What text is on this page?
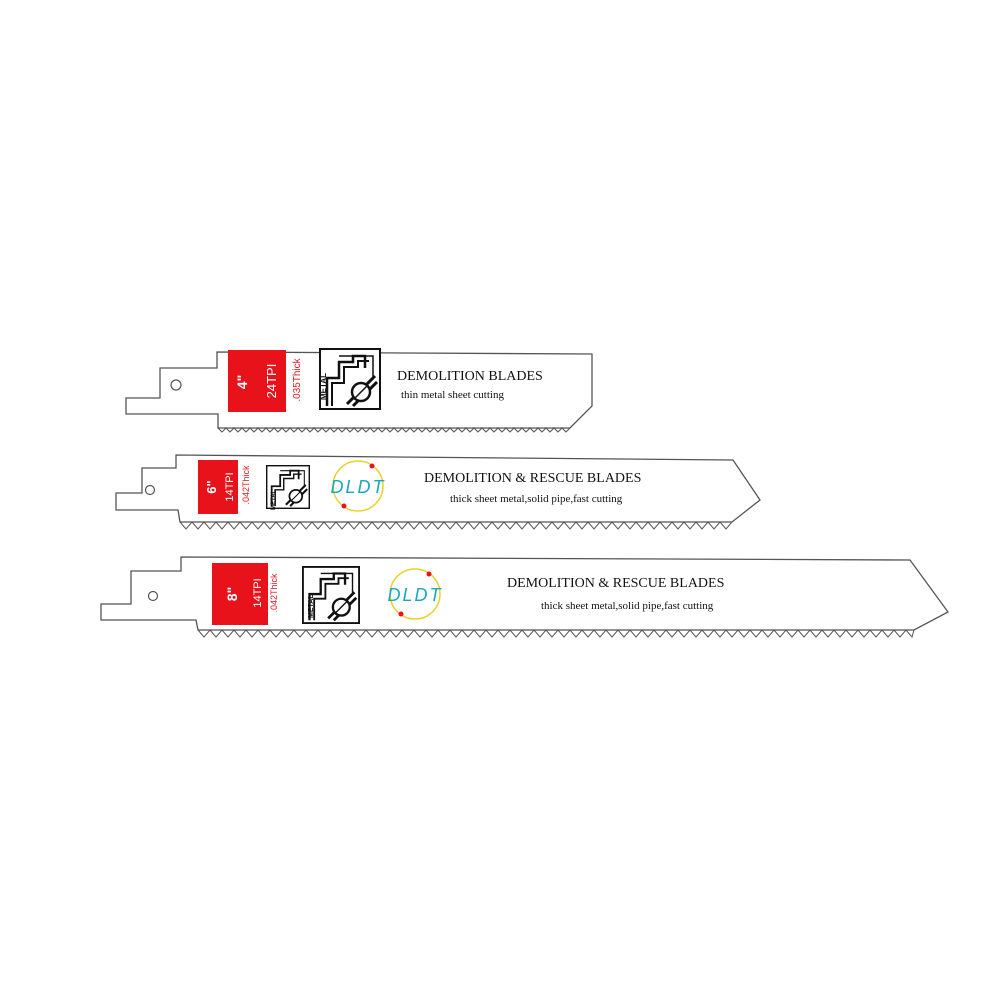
4" 24TPI .035Thick METAL	DEMOLITION BLADES
thin metal sheet cutting
6" 14TPI .042Thick	METAL
DLDT	DEMOLITION & RESCUE BLADES
thick sheet metal,solid pipe,fast cutting
8" 14TPI .042Thick	METAL	DLDT
DEMOLITION & RESCUE BLADES
thick sheet metal,solid pipe,fast cutting
